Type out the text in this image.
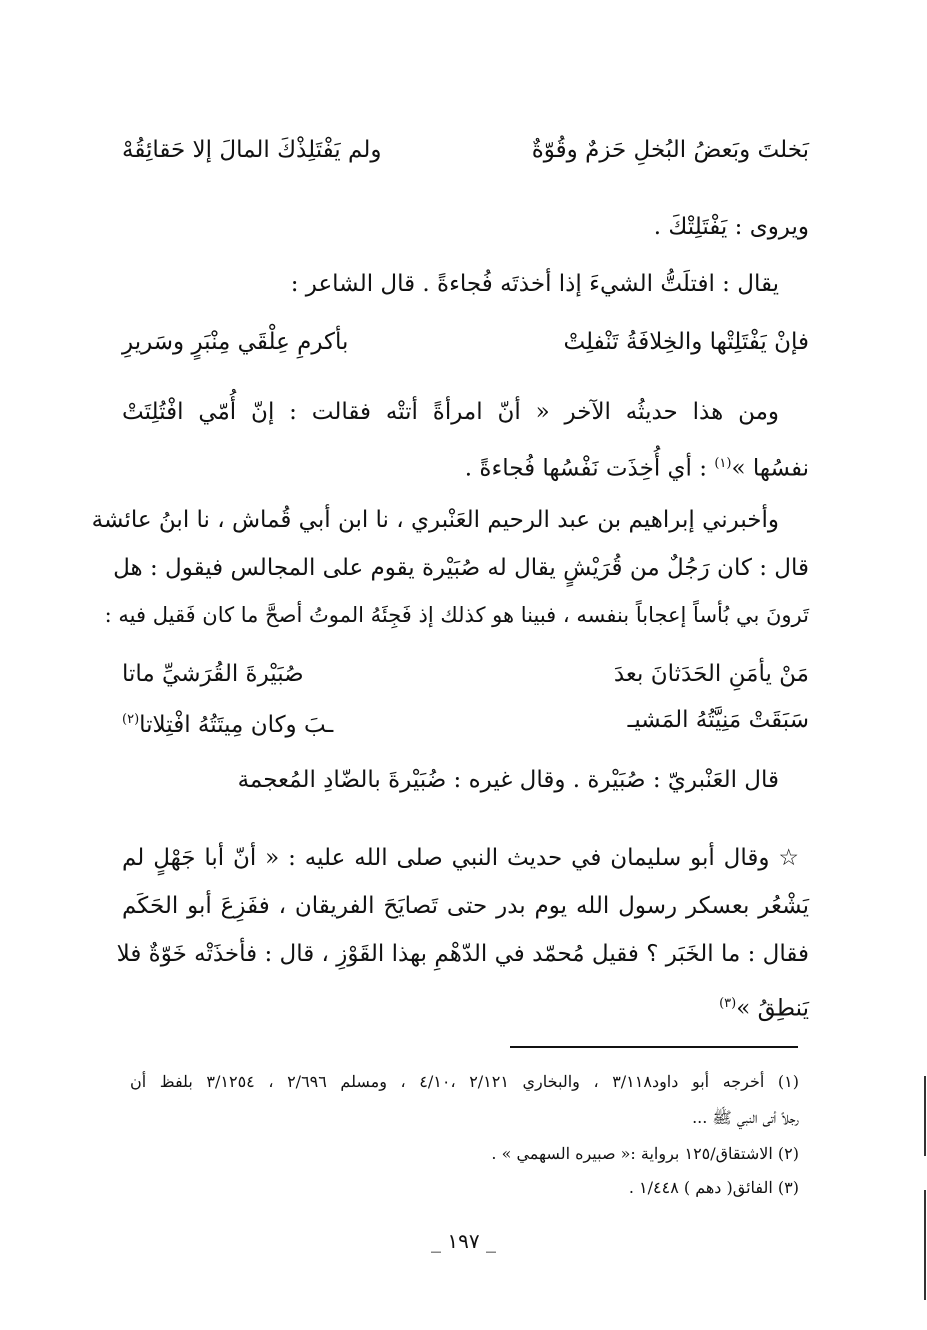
بَخلتَ وبَعضُ البُخلِ حَزمٌ وقُوّةٌ
ولم يَفْتَلِذْكَ المالَ إلا حَقائِقُهْ
ويروى : يَفْتَلِتْكَ .
يقال : افتلَتُّ الشيءَ إذا أخذتَه فُجاءةً . قال الشاعر :
فإنْ يَفْتَلِتْها والخِلافَةُ تَنْفلِتْ
بأكرمِ عِلْقَي مِنْبَرٍ وسَريرِ
ومن هذا حديثُه الآخر « أنّ امرأةً أتتْه فقالت : إنّ أُمّي افْتُلِتَتْ
نفسُها »$^{(١)}$ : أي أُخِذَت نَفْسُها فُجاءةً .
وأخبرني إبراهيم بن عبد الرحيم العَنْبري ، نا ابن أبي قُماش ، نا ابنُ عائشة
قال : كان رَجُلٌ من قُرَيْشٍ يقال له صُبَيْرة يقوم على المجالس فيقول : هل
تَرونَ بي بُأساً إعجاباً بنفسه ، فبينا هو كذلك إذ فَجِئَهُ الموتُ أصحَّ ما كان فَقيل فيه :
مَنْ يأمَنِ الحَدَثانَ بعدَ
صُبَيْرةَ القُرَشيِّ ماتا
سَبَقَتْ مَنِيَّتُهُ المَشيـ
ـبَ وكان مِيتَتُهُ افْتِلاتا$^{(٢)}$
قال العَنْبريّ : صُبَيْرة . وقال غيره : ضُبَيْرةَ بالضّادِ المُعجمة
☆ وقال أبو سليمان في حديث النبي صلى الله عليه : « أنّ أبا جَهْلٍ لم
يَشْعُر بعسكر رسول الله يوم بدر حتى تَصايَحَ الفريقان ، ففَزِعَ أبو الحَكَم
فقال : ما الخَبَر ؟ فقيل مُحمّد في الدّهْمِ بهذا القَوْزِ ، قال : فأخذَتْه خَوّةٌ فلا
يَنطِقُ »$^{(٣)}$
(١) أخرجه أبو داود٣/١١٨ ، والبخاري ٢/١٢١ ،٤/١٠ ، ومسلم ٢/٦٩٦ ، ٣/١٢٥٤ بلفظ أن
رجلاً أتى النبي ﷺ ...
(٢) الاشتقاق/١٢٥ برواية :« صبيره السهمي » .
(٣) الفائق( دهم ) ١/٤٤٨ .
_ ١٩٧ _
